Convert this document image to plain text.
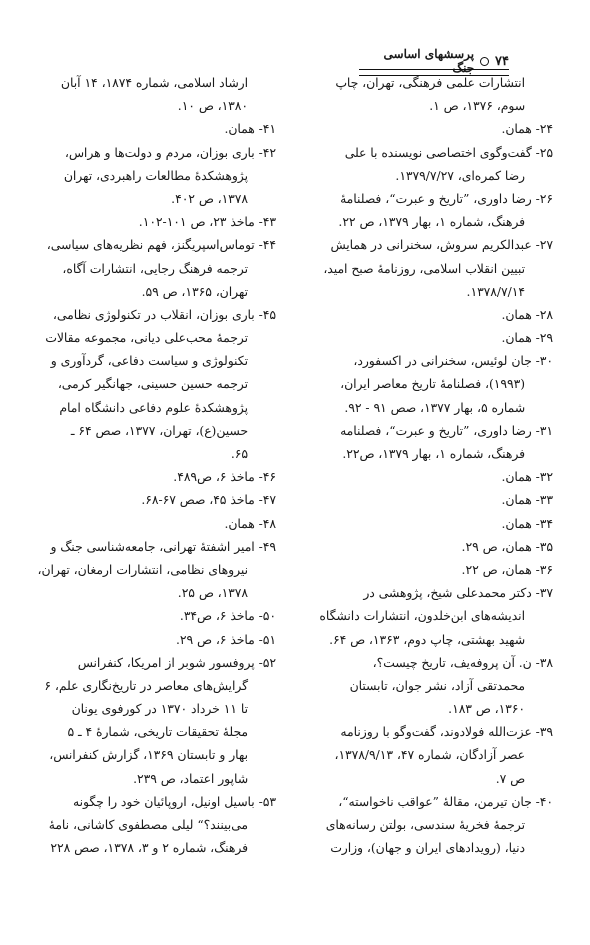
۷۴
پرسشهای اساسی جنگ
انتشارات علمی فرهنگی، تهران، چاپ
سوم، ۱۳۷۶، ص ۱.
۲۴- همان.
۲۵- گفت‌وگوی اختصاصی نویسنده با علی
رضا کمره‌ای، ۱۳۷۹/۷/۲۷.
۲۶- رضا داوری، ”تاریخ و عبرت“، فصلنامهٔ
فرهنگ، شماره ۱، بهار ۱۳۷۹، ص ۲۲.
۲۷- عبدالکریم سروش، سخنرانی در همایش
تبیین انقلاب اسلامی، روزنامهٔ صبح امید،
۱۳۷۸/۷/۱۴.
۲۸- همان.
۲۹- همان.
۳۰- جان لوئیس، سخنرانی در اکسفورد،
(۱۹۹۳)، فصلنامهٔ تاریخ معاصر ایران،
شماره ۵، بهار ۱۳۷۷، صص ۹۱ - ۹۲.
۳۱- رضا داوری، ”تاریخ و عبرت“، فصلنامه
فرهنگ، شماره ۱، بهار ۱۳۷۹، ص۲۲.
۳۲- همان.
۳۳- همان.
۳۴- همان.
۳۵- همان، ص ۲۹.
۳۶- همان، ص ۲۲.
۳۷- دکتر محمدعلی شیخ، پژوهشی در
اندیشه‌های ابن‌خلدون، انتشارات دانشگاه
شهید بهشتی، چاپ دوم، ۱۳۶۳، ص ۶۴.
۳۸- ن. آن پروفه‌یف، تاریخ چیست؟،
محمدتقی آزاد، نشر جوان، تابستان
۱۳۶۰، ص ۱۸۳.
۳۹- عزت‌الله فولادوند، گفت‌وگو با روزنامه
عصر آزادگان، شماره ۴۷، ۱۳۷۸/۹/۱۳،
ص ۷.
۴۰- جان تیرمن، مقالهٔ ”عواقب ناخواسته“،
ترجمهٔ فخریهٔ سندسی، بولتن رسانه‌های
دنیا، (رویدادهای ایران و جهان)، وزارت
ارشاد اسلامی، شماره ۱۸۷۴، ۱۴ آبان
۱۳۸۰، ص ۱۰.
۴۱- همان.
۴۲- باری بوزان، مردم و دولت‌ها و هراس،
پژوهشکدهٔ مطالعات راهبردی، تهران
۱۳۷۸، ص ۴۰۲.
۴۳- ماخذ ۲۳، ص ۱۰۱-۱۰۲.
۴۴- توماس‌اسپریگنز، فهم نظریه‌های سیاسی،
ترجمه فرهنگ رجایی، انتشارات آگاه،
تهران، ۱۳۶۵، ص ۵۹.
۴۵- باری بوزان، انقلاب در تکنولوژی نظامی،
ترجمهٔ محب‌علی دیانی، مجموعه مقالات
تکنولوژی و سیاست دفاعی، گردآوری و
ترجمه حسین حسینی، جهانگیر کرمی،
پژوهشکدهٔ علوم دفاعی دانشگاه امام
حسین(ع)، تهران، ۱۳۷۷، صص ۶۴ ـ
۶۵.
۴۶- ماخذ ۶، ص۴۸۹.
۴۷- ماخذ ۴۵، صص ۶۷-۶۸.
۴۸- همان.
۴۹- امیر اشفتهٔ تهرانی، جامعه‌شناسی جنگ و
نیروهای نظامی، انتشارات ارمغان، تهران،
۱۳۷۸، ص ۲۵.
۵۰- ماخذ ۶، ص۳۴.
۵۱- ماخذ ۶، ص ۲۹.
۵۲- پروفسور شوبر از امریکا، کنفرانس
گرایش‌های معاصر در تاریخ‌نگاری علم، ۶
تا ۱۱ خرداد ۱۳۷۰ در کورفوی یونان
مجلهٔ تحقیقات تاریخی، شمارهٔ ۴ ـ ۵
بهار و تابستان ۱۳۶۹، گزارش کنفرانس،
شاپور اعتماد، ص ۲۳۹.
۵۳- باسیل اونیل، اروپائیان خود را چگونه
می‌بینند؟“ لیلی مصطفوی کاشانی، نامهٔ
فرهنگ، شماره ۲ و ۳، ۱۳۷۸، صص ۲۲۸
